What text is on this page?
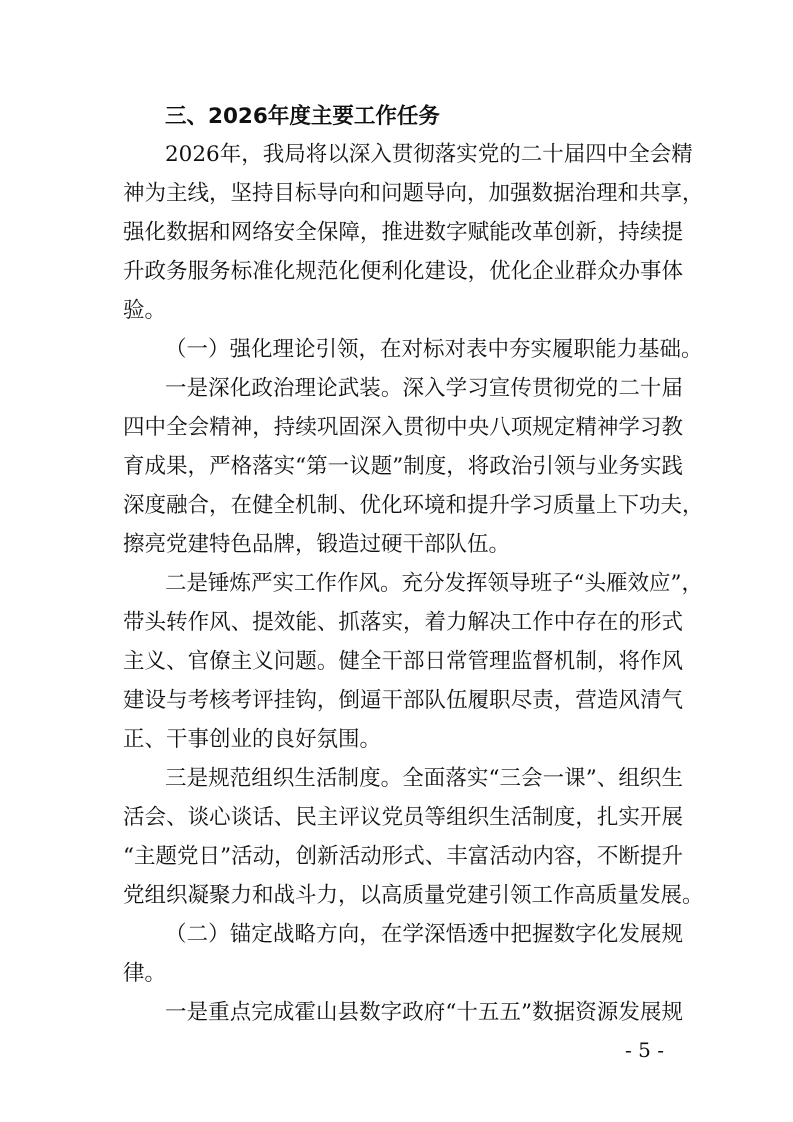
三、2026年度主要工作任务
2026年，我局将以深入贯彻落实党的二十届四中全会精
神为主线，坚持目标导向和问题导向，加强数据治理和共享，
强化数据和网络安全保障，推进数字赋能改革创新，持续提
升政务服务标准化规范化便利化建设，优化企业群众办事体
验。
（一）强化理论引领，在对标对表中夯实履职能力基础。
一是深化政治理论武装。深入学习宣传贯彻党的二十届
四中全会精神，持续巩固深入贯彻中央八项规定精神学习教
育成果，严格落实“第一议题”制度，将政治引领与业务实践
深度融合，在健全机制、优化环境和提升学习质量上下功夫，
擦亮党建特色品牌，锻造过硬干部队伍。
二是锤炼严实工作作风。充分发挥领导班子“头雁效应”，
带头转作风、提效能、抓落实，着力解决工作中存在的形式
主义、官僚主义问题。健全干部日常管理监督机制，将作风
建设与考核考评挂钩，倒逼干部队伍履职尽责，营造风清气
正、干事创业的良好氛围。
三是规范组织生活制度。全面落实“三会一课”、组织生
活会、谈心谈话、民主评议党员等组织生活制度，扎实开展
“主题党日”活动，创新活动形式、丰富活动内容，不断提升
党组织凝聚力和战斗力，以高质量党建引领工作高质量发展。
（二）锚定战略方向，在学深悟透中把握数字化发展规
律。
一是重点完成霍山县数字政府“十五五”数据资源发展规
- 5 -
